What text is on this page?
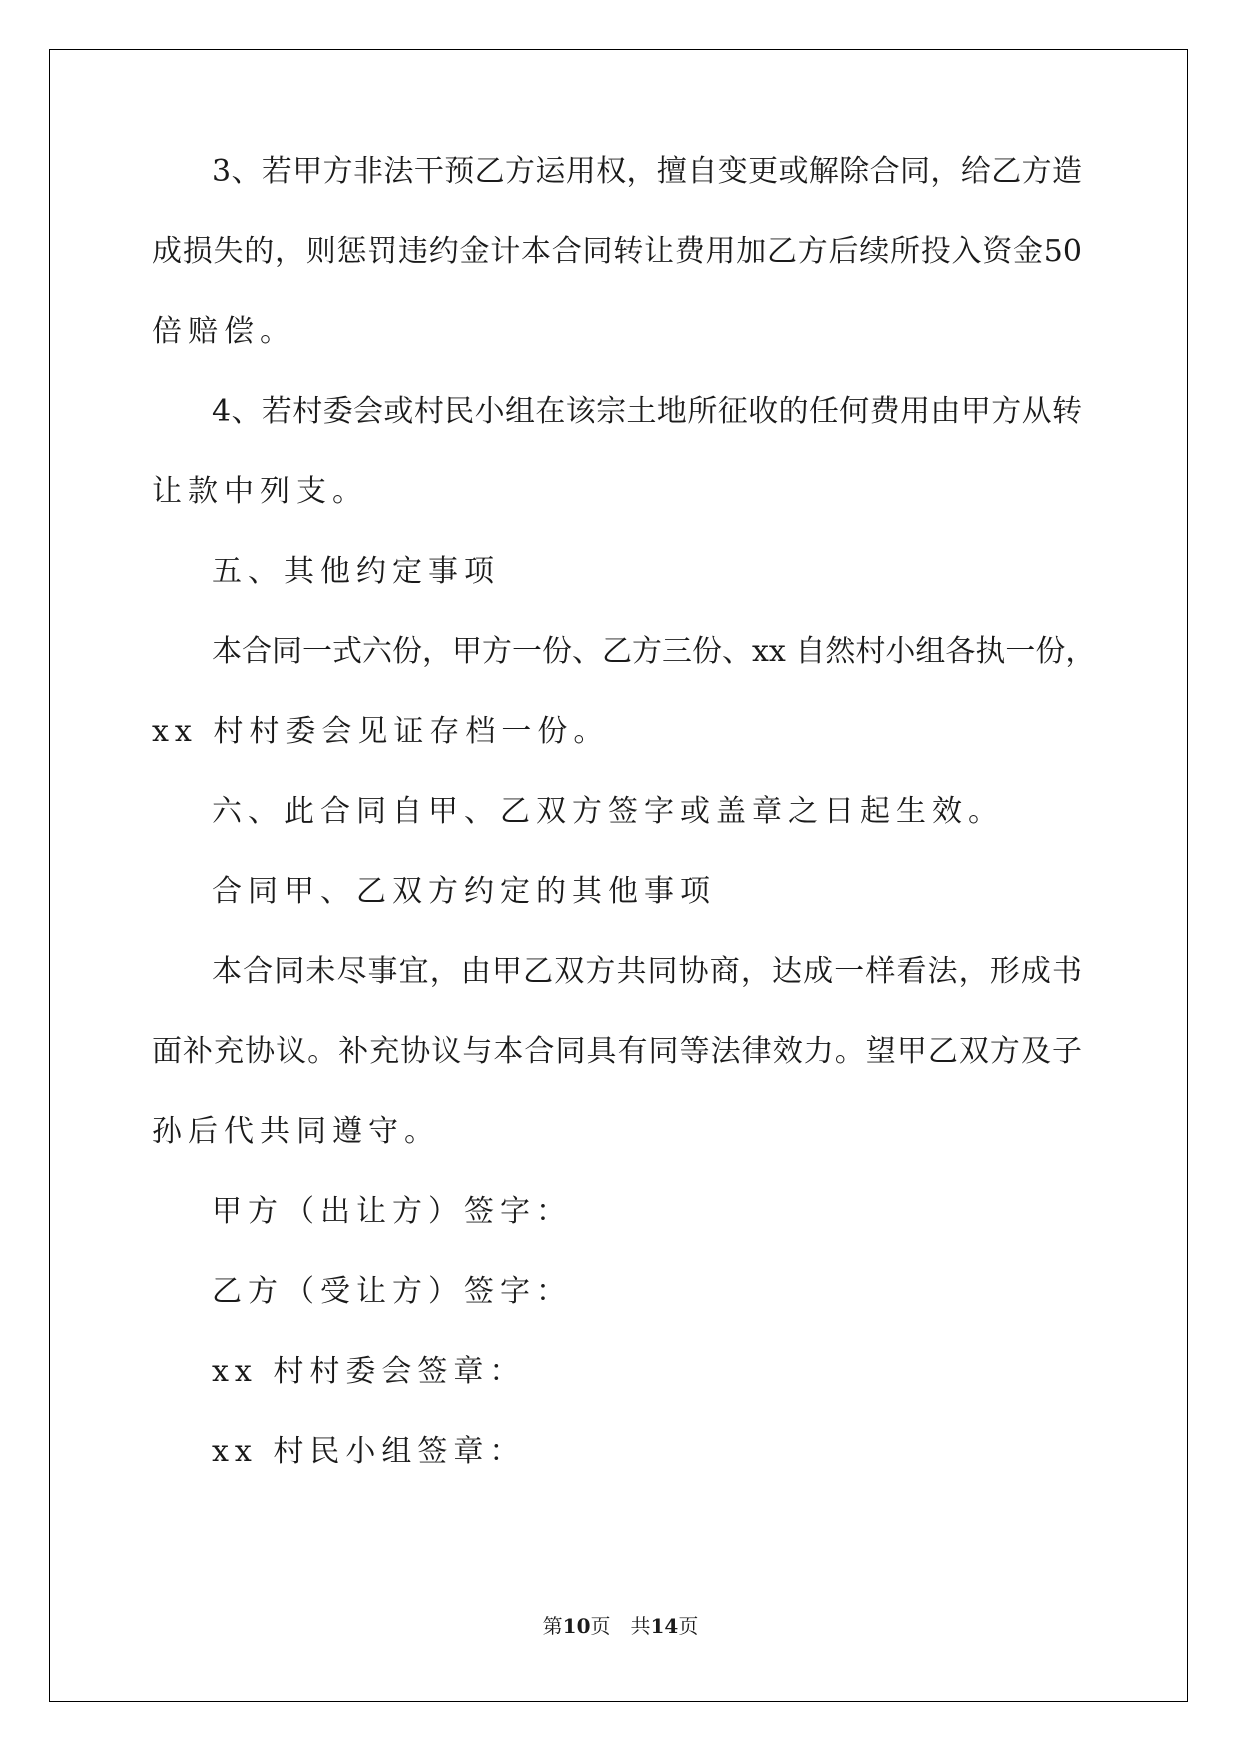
3、若甲方非法干预乙方运用权，擅自变更或解除合同，给乙方造
成损失的，则惩罚违约金计本合同转让费用加乙方后续所投入资金50
倍赔偿。
4、若村委会或村民小组在该宗土地所征收的任何费用由甲方从转
让款中列支。
五、其他约定事项
本合同一式六份，甲方一份、乙方三份、xx 自然村小组各执一份，
xx 村村委会见证存档一份。
六、此合同自甲、乙双方签字或盖章之日起生效。
合同甲、乙双方约定的其他事项
本合同未尽事宜，由甲乙双方共同协商，达成一样看法，形成书
面补充协议。补充协议与本合同具有同等法律效力。望甲乙双方及子
孙后代共同遵守。
甲方（出让方）签字：
乙方（受让方）签字：
xx 村村委会签章：
xx 村民小组签章：
第10页　共14页
